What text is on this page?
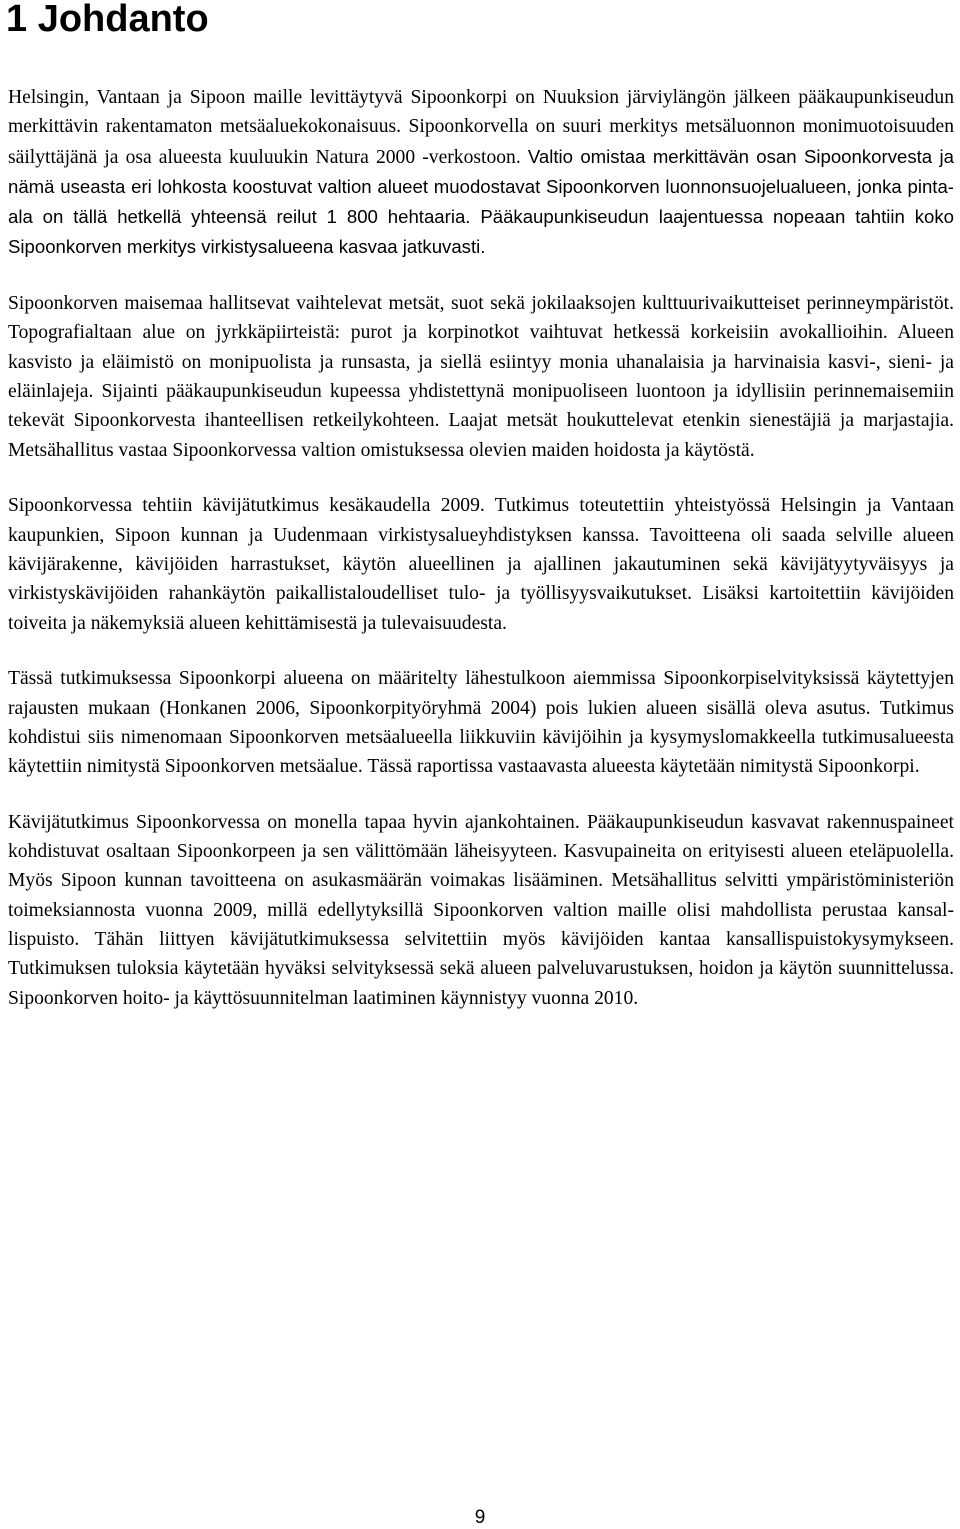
1 Johdanto

Helsingin, Vantaan ja Sipoon maille levittäytyvä Sipoonkorpi on Nuuksion järviylängön jälkeen pääkaupunkiseudun merkittävin rakentamaton metsäaluekokonaisuus. Sipoonkorvella on suuri merkitys metsäluonnon monimuotoisuuden säilyttäjänä ja osa alueesta kuuluukin Natura 2000 -verkostoon. Valtio omistaa merkittävän osan Sipoonkorvesta ja nämä useasta eri lohkosta koostuvat valtion alueet muodostavat Sipoonkorven luonnonsuojelualueen, jonka pinta-ala on tällä hetkellä yhteensä reilut 1 800 hehtaaria. Pääkaupunkiseudun laajentuessa nopeaan tahtiin koko Sipoonkorven merkitys virkistysalueena kasvaa jatkuvasti.

Sipoonkorven maisemaa hallitsevat vaihtelevat metsät, suot sekä jokilaaksojen kulttuurivaikutteiset perinneympäristöt. Topografialtaan alue on jyrkkäpiirteistä: purot ja korpinotkot vaihtuvat hetkessä korkeisiin avokallioihin. Alueen kasvisto ja eläimistö on monipuolista ja runsasta, ja siellä esiintyy monia uhanalaisia ja harvinaisia kasvi-, sieni- ja eläinlajeja. Sijainti pääkaupunkiseudun kupeessa yhdistettynä monipuoliseen luontoon ja idyllisiin perinnemaisemiin tekevät Sipoonkorvesta ihanteellisen retkeilykohteen. Laajat metsät houkuttelevat etenkin sienestäjiä ja marjastajia. Metsähallitus vastaa Sipoonkorvessa valtion omistuksessa olevien maiden hoidosta ja käytöstä.

Sipoonkorvessa tehtiin kävijätutkimus kesäkaudella 2009. Tutkimus toteutettiin yhteistyössä Helsingin ja Vantaan kaupunkien, Sipoon kunnan ja Uudenmaan virkistysalueyhdistyksen kanssa. Tavoitteena oli saada selville alueen kävijärakenne, kävijöiden harrastukset, käytön alueellinen ja ajallinen jakautuminen sekä kävijätyytyväisyys ja virkistyskävijöiden rahankäytön paikallistaloudelliset tulo- ja työllisyysvaikutukset. Lisäksi kartoitettiin kävijöiden toiveita ja näkemyksiä alueen kehittämisestä ja tulevaisuudesta.

Tässä tutkimuksessa Sipoonkorpi alueena on määritelty lähestulkoon aiemmissa Sipoonkorpiselvityksissä käytettyjen rajausten mukaan (Honkanen 2006, Sipoonkorpityöryhmä 2004) pois lukien alueen sisällä oleva asutus. Tutkimus kohdistui siis nimenomaan Sipoonkorven metsäalueella liikkuviin kävijöihin ja kysymyslomakkeella tutkimusalueesta käytettiin nimitystä Sipoonkorven metsäalue. Tässä raportissa vastaavasta alueesta käytetään nimitystä Sipoonkorpi.

Kävijätutkimus Sipoonkorvessa on monella tapaa hyvin ajankohtainen. Pääkaupunkiseudun kasvavat rakennuspaineet kohdistuvat osaltaan Sipoonkorpeen ja sen välittömään läheisyyteen. Kasvupaineita on erityisesti alueen eteläpuolella. Myös Sipoon kunnan tavoitteena on asukasmäärän voimakas lisääminen. Metsähallitus selvitti ympäristöministeriön toimeksiannosta vuonna 2009, millä edellytyksillä Sipoonkorven valtion maille olisi mahdollista perustaa kansallispuisto. Tähän liittyen kävijätutkimuksessa selvitettiin myös kävijöiden kantaa kansallispuistokysymykseen. Tutkimuksen tuloksia käytetään hyväksi selvityksessä sekä alueen palveluvarustuksen, hoidon ja käytön suunnittelussa. Sipoonkorven hoito- ja käyttösuunnitelman laatiminen käynnistyy vuonna 2010.

9
